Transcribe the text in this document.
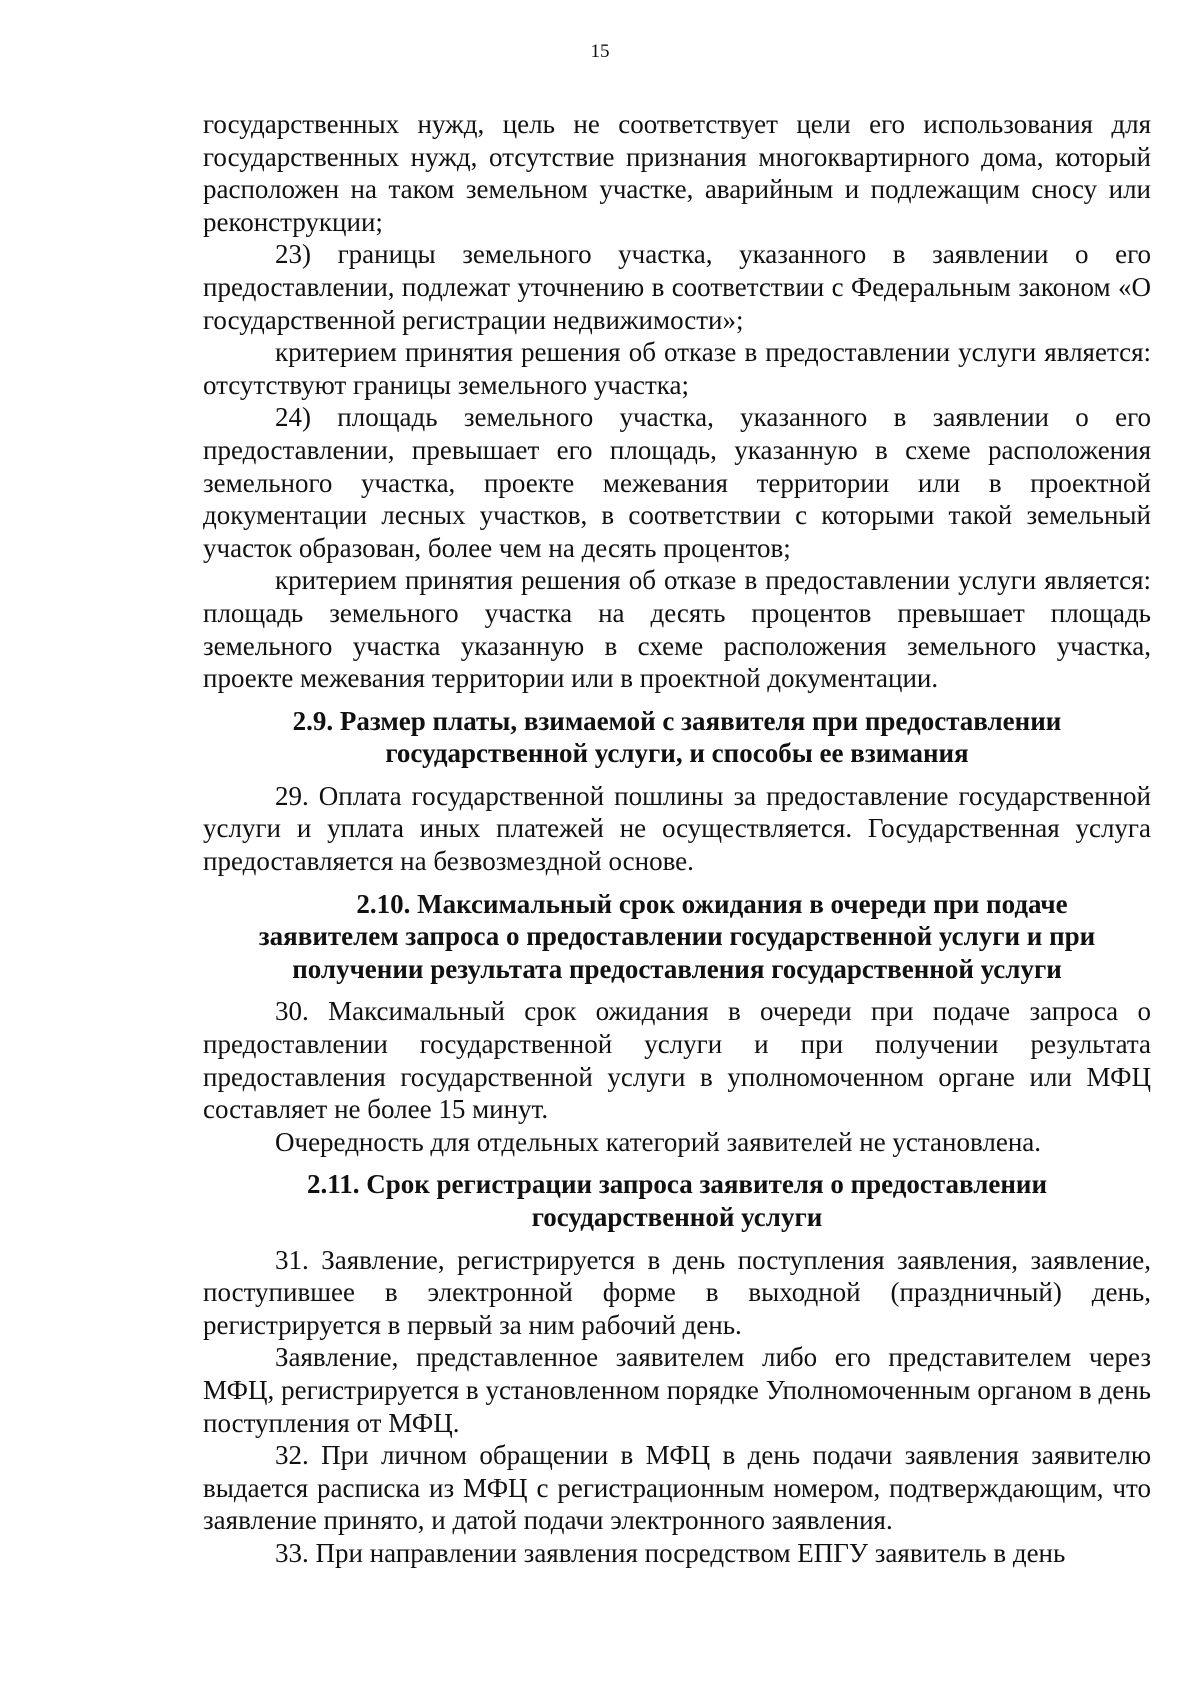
15

государственных нужд, цель не соответствует цели его использования для государственных нужд, отсутствие признания многоквартирного дома, который расположен на таком земельном участке, аварийным и подлежащим сносу или реконструкции;

23) границы земельного участка, указанного в заявлении о его предоставлении, подлежат уточнению в соответствии с Федеральным законом «О государственной регистрации недвижимости»;

критерием принятия решения об отказе в предоставлении услуги является: отсутствуют границы земельного участка;

24) площадь земельного участка, указанного в заявлении о его предоставлении, превышает его площадь, указанную в схеме расположения земельного участка, проекте межевания территории или в проектной документации лесных участков, в соответствии с которыми такой земельный участок образован, более чем на десять процентов;

критерием принятия решения об отказе в предоставлении услуги является: площадь земельного участка на десять процентов превышает площадь земельного участка указанную в схеме расположения земельного участка, проекте межевания территории или в проектной документации.

2.9. Размер платы, взимаемой с заявителя при предоставлении
государственной услуги, и способы ее взимания

29. Оплата государственной пошлины за предоставление государственной услуги и уплата иных платежей не осуществляется. Государственная услуга предоставляется на безвозмездной основе.

2.10. Максимальный срок ожидания в очереди при подаче
заявителем запроса о предоставлении государственной услуги и при
получении результата предоставления государственной услуги

30. Максимальный срок ожидания в очереди при подаче запроса о предоставлении государственной услуги и при получении результата предоставления государственной услуги в уполномоченном органе или МФЦ составляет не более 15 минут.

Очередность для отдельных категорий заявителей не установлена.

2.11. Срок регистрации запроса заявителя о предоставлении
государственной услуги

31. Заявление, регистрируется в день поступления заявления, заявление, поступившее в электронной форме в выходной (праздничный) день, регистрируется в первый за ним рабочий день.

Заявление, представленное заявителем либо его представителем через МФЦ, регистрируется в установленном порядке Уполномоченным органом в день поступления от МФЦ.

32. При личном обращении в МФЦ в день подачи заявления заявителю выдается расписка из МФЦ с регистрационным номером, подтверждающим, что заявление принято, и датой подачи электронного заявления.

33. При направлении заявления посредством ЕПГУ заявитель в день
